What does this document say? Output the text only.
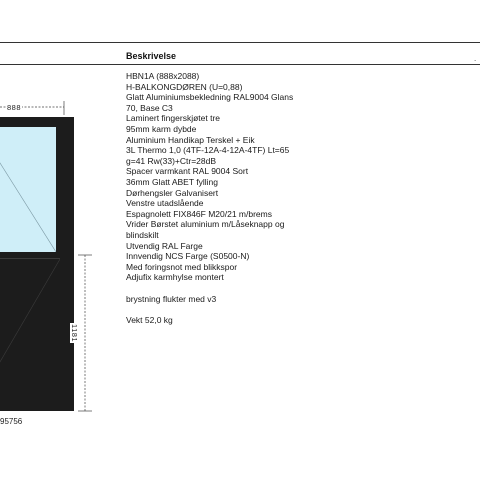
Beskrivelse	.
HBN1A (888x2088)
H-BALKONGDØREN (U=0,88)
Glatt Aluminiumsbekledning RAL9004 Glans
70, Base C3
Laminert fingerskjøtet tre
95mm karm dybde
Aluminium Handikap Terskel + Eik
3L Thermo 1,0 (4TF-12A-4-12A-4TF) Lt=65
g=41 Rw(33)+Ctr=28dB
Spacer varmkant RAL 9004 Sort
36mm Glatt ABET fylling
Dørhengsler Galvanisert
Venstre utadslående
Espagnolett FIX846F M20/21 m/brems
Vrider Børstet aluminium m/Låseknapp og
blindskilt
Utvendig RAL Farge
Innvendig NCS Farge (S0500-N)
Med foringsnot med blikkspor
Adjufix karmhylse montert
brystning flukter med v3
Vekt 52,0 kg
888
1181
95756
